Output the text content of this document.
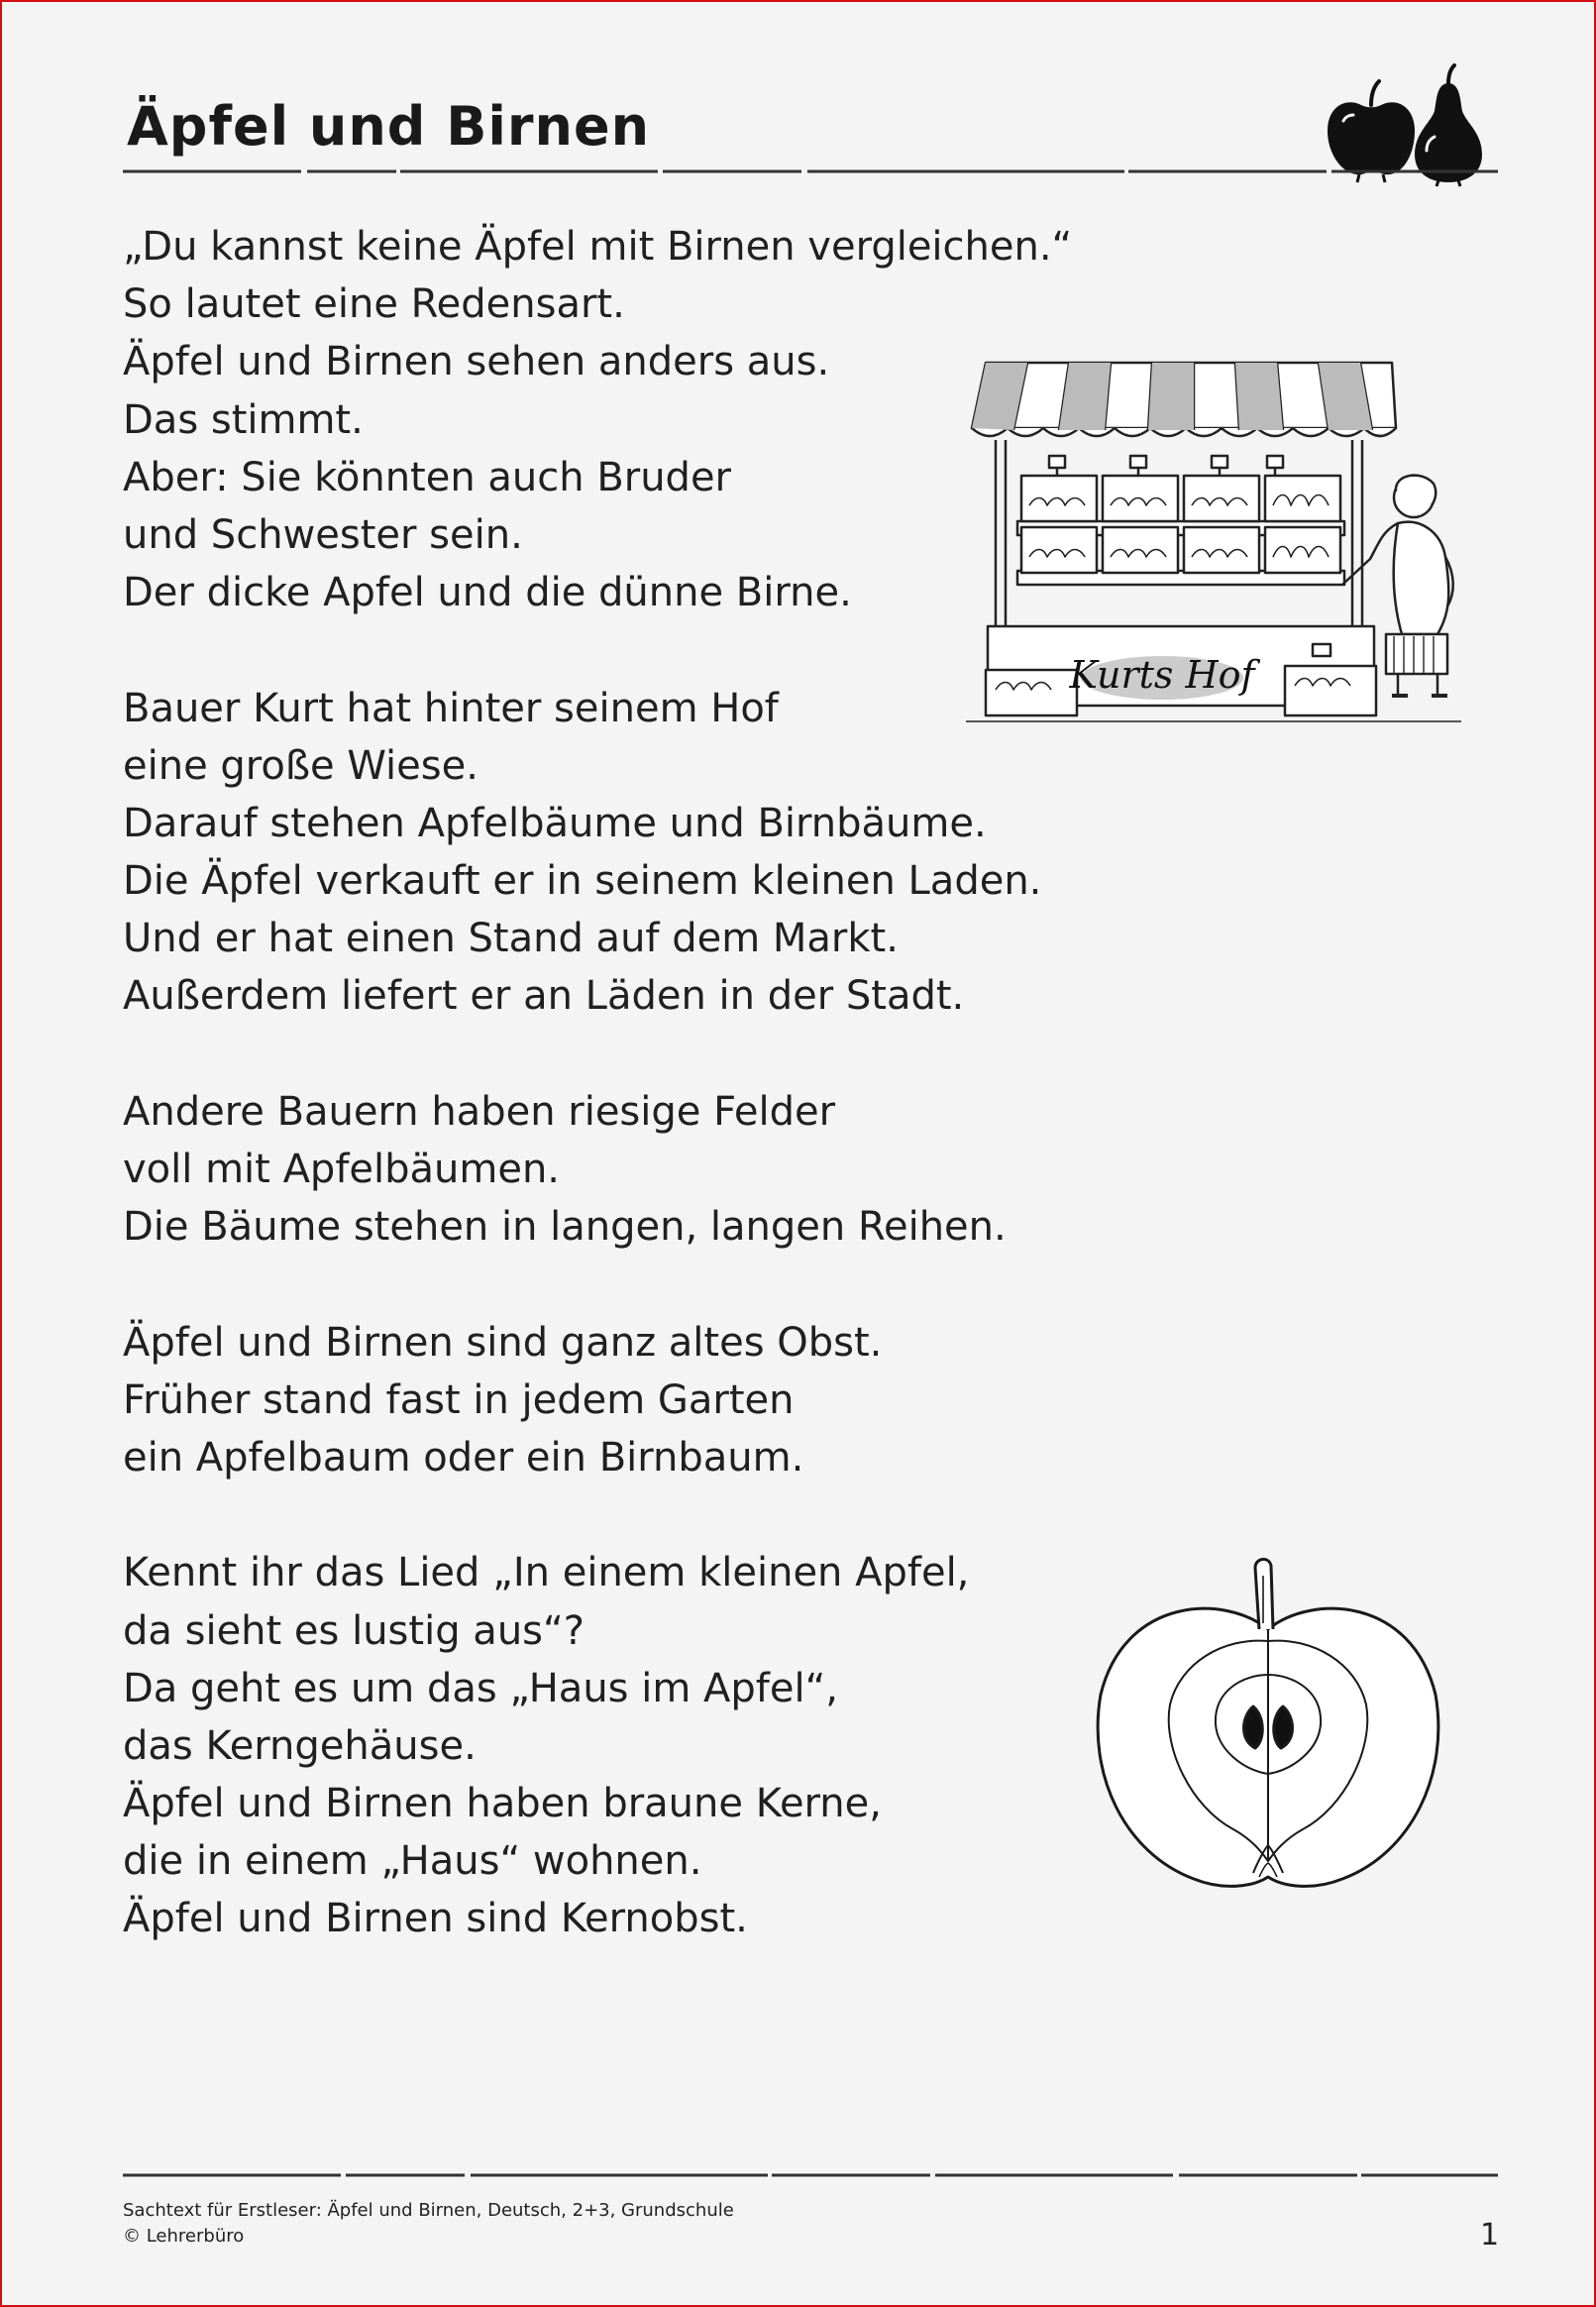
Äpfel und Birnen
„Du kannst keine Äpfel mit Birnen vergleichen.“
So lautet eine Redensart.
Äpfel und Birnen sehen anders aus.
Das stimmt.
Aber: Sie könnten auch Bruder
und Schwester sein.
Der dicke Apfel und die dünne Birne.
Bauer Kurt hat hinter seinem Hof
eine große Wiese.
Darauf stehen Apfelbäume und Birnbäume.
Die Äpfel verkauft er in seinem kleinen Laden.
Und er hat einen Stand auf dem Markt.
Außerdem liefert er an Läden in der Stadt.
Andere Bauern haben riesige Felder
voll mit Apfelbäumen.
Die Bäume stehen in langen, langen Reihen.
Äpfel und Birnen sind ganz altes Obst.
Früher stand fast in jedem Garten
ein Apfelbaum oder ein Birnbaum.
Kennt ihr das Lied „In einem kleinen Apfel,
da sieht es lustig aus“?
Da geht es um das „Haus im Apfel“,
das Kerngehäuse.
Äpfel und Birnen haben braune Kerne,
die in einem „Haus“ wohnen.
Äpfel und Birnen sind Kernobst.
Kurts Hof
Sachtext für Erstleser: Äpfel und Birnen, Deutsch, 2+3, Grundschule
© Lehrerbüro	1
